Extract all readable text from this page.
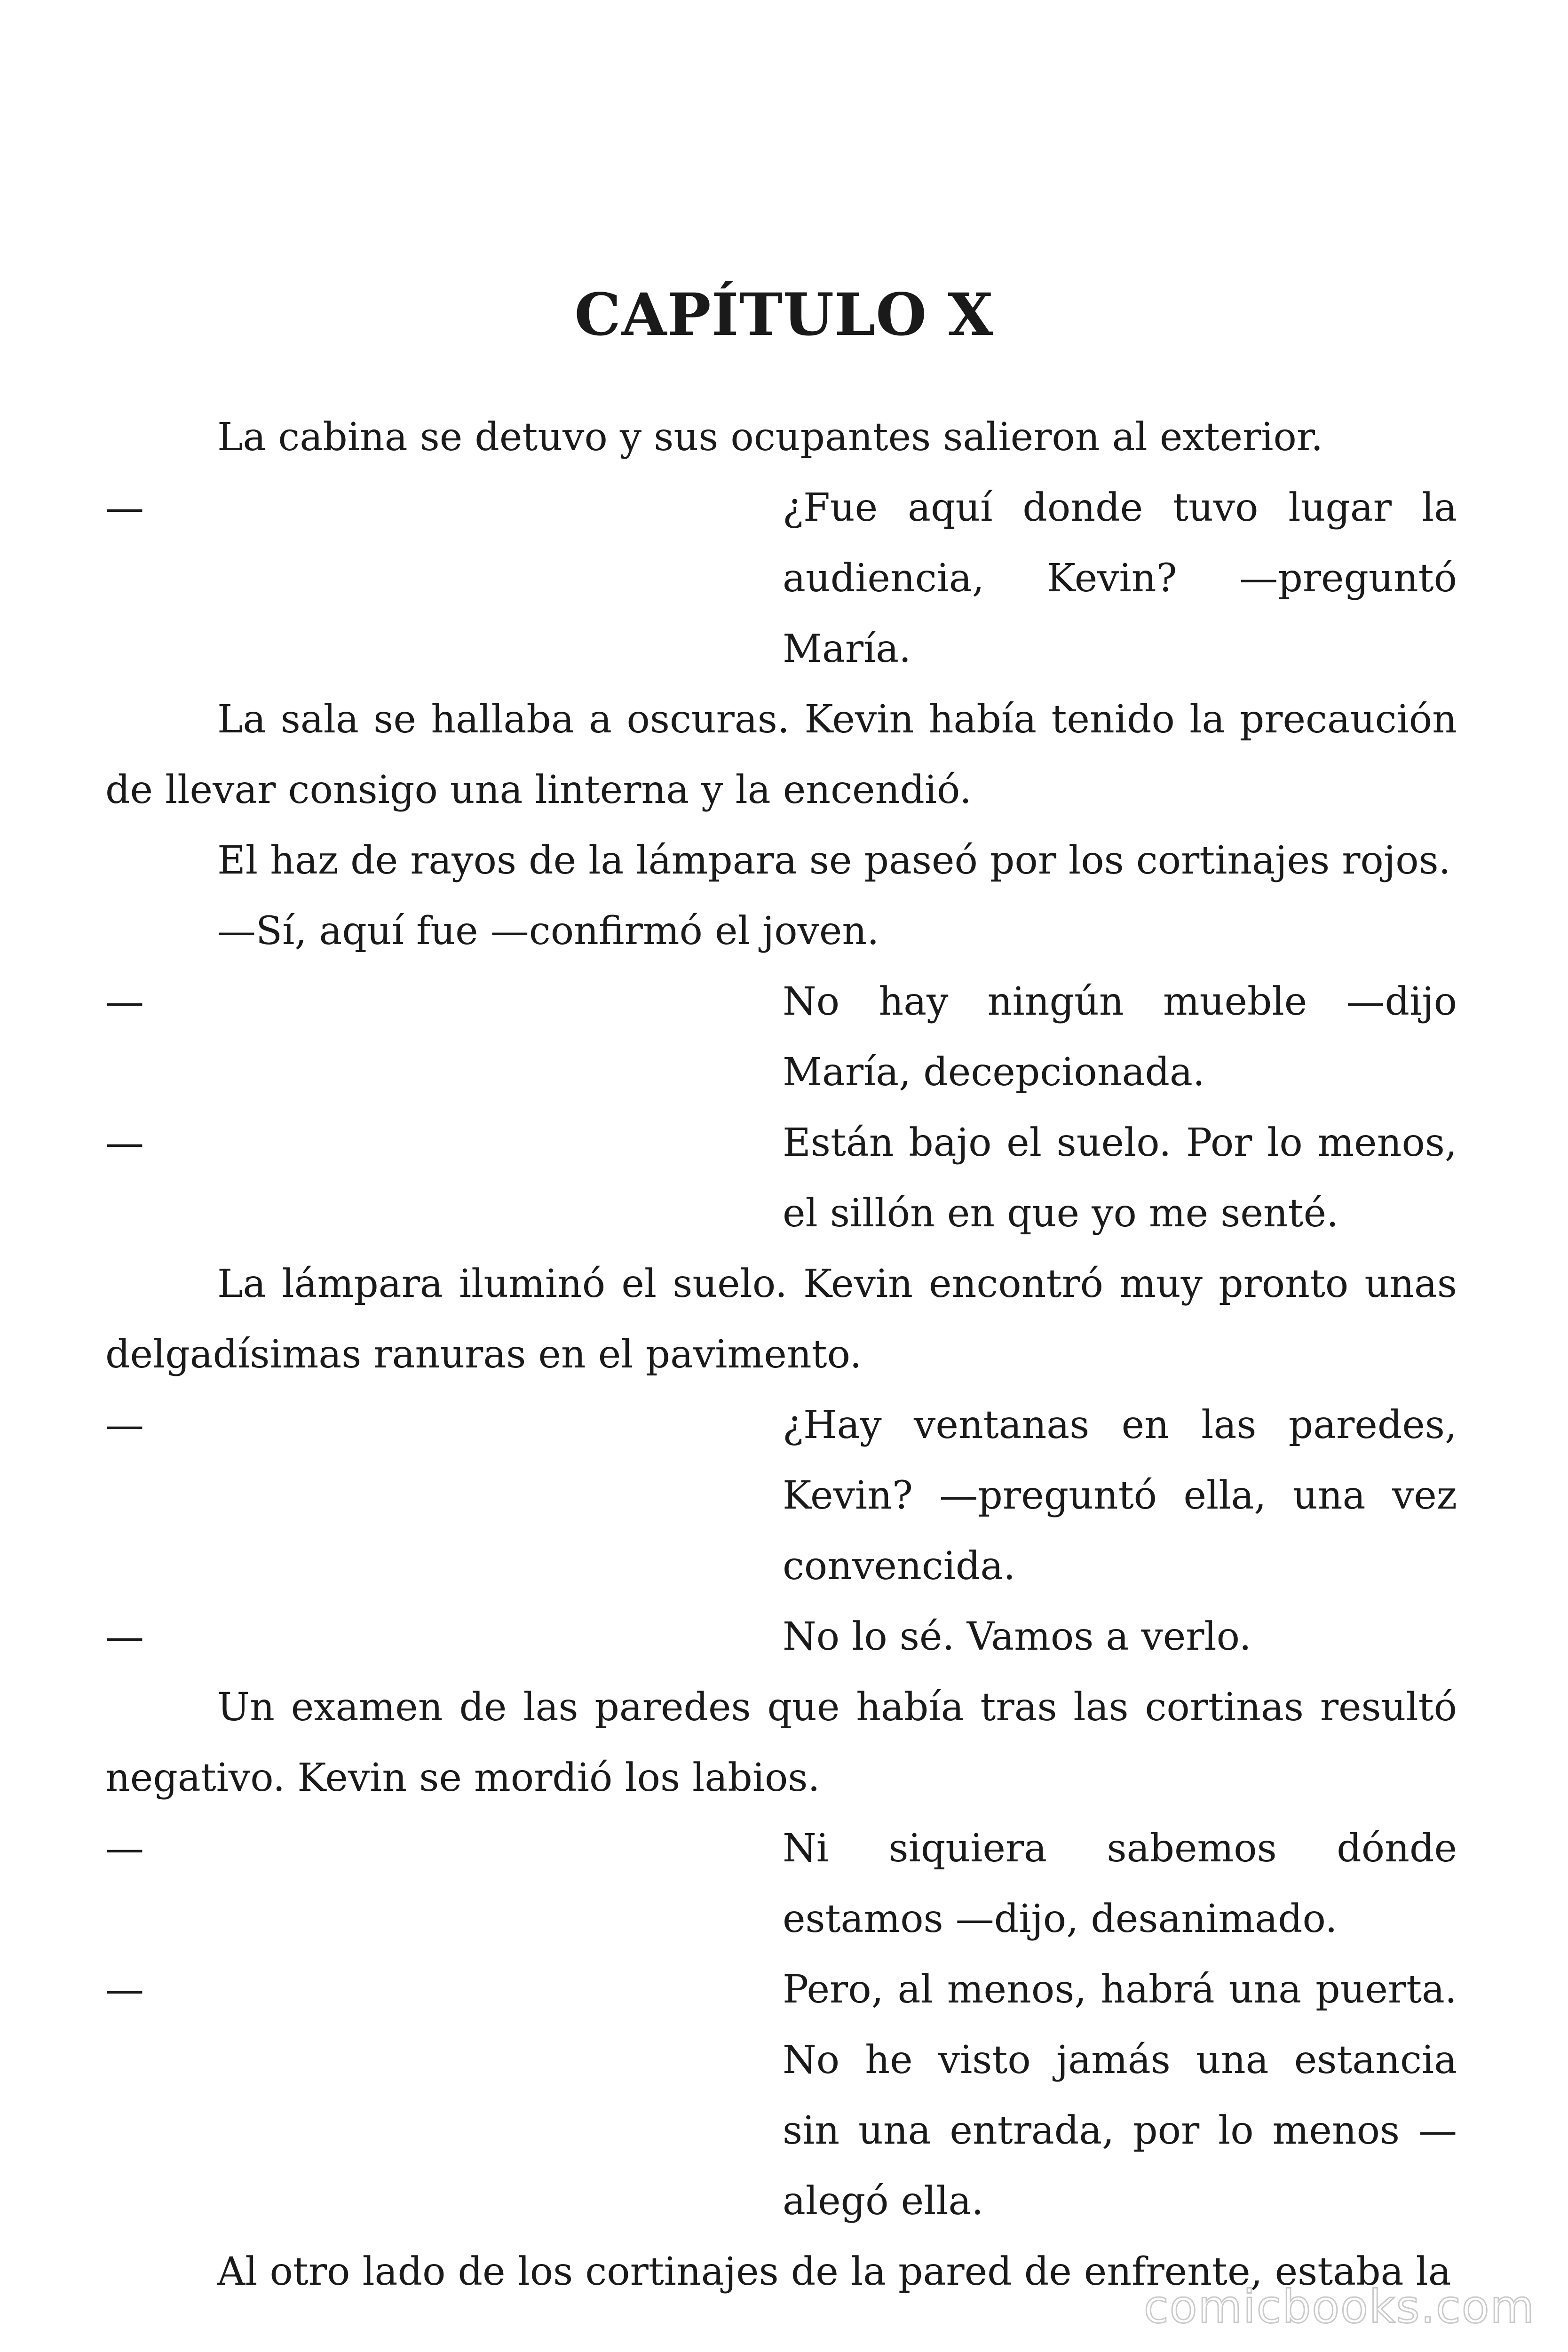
CAPÍTULO X

La cabina se detuvo y sus ocupantes salieron al exterior.

—	¿Fue aquí donde tuvo lugar la audiencia, Kevin? —preguntó María.

La sala se hallaba a oscuras. Kevin había tenido la precaución de llevar consigo una linterna y la encendió.

El haz de rayos de la lámpara se paseó por los cortinajes rojos.

—Sí, aquí fue —confirmó el joven.

—	No hay ningún mueble —dijo María, decepcionada.
—	Están bajo el suelo. Por lo menos, el sillón en que yo me senté.

La lámpara iluminó el suelo. Kevin encontró muy pronto unas delgadísimas ranuras en el pavimento.

—	¿Hay ventanas en las paredes, Kevin? —preguntó ella, una vez convencida.
—	No lo sé. Vamos a verlo.

Un examen de las paredes que había tras las cortinas resultó negativo. Kevin se mordió los labios.

—	Ni siquiera sabemos dónde estamos —dijo, desanimado.
—	Pero, al menos, habrá una puerta. No he visto jamás una estancia sin una entrada, por lo menos —alegó ella.

Al otro lado de los cortinajes de la pared de enfrente, estaba la

comicbooks.com
